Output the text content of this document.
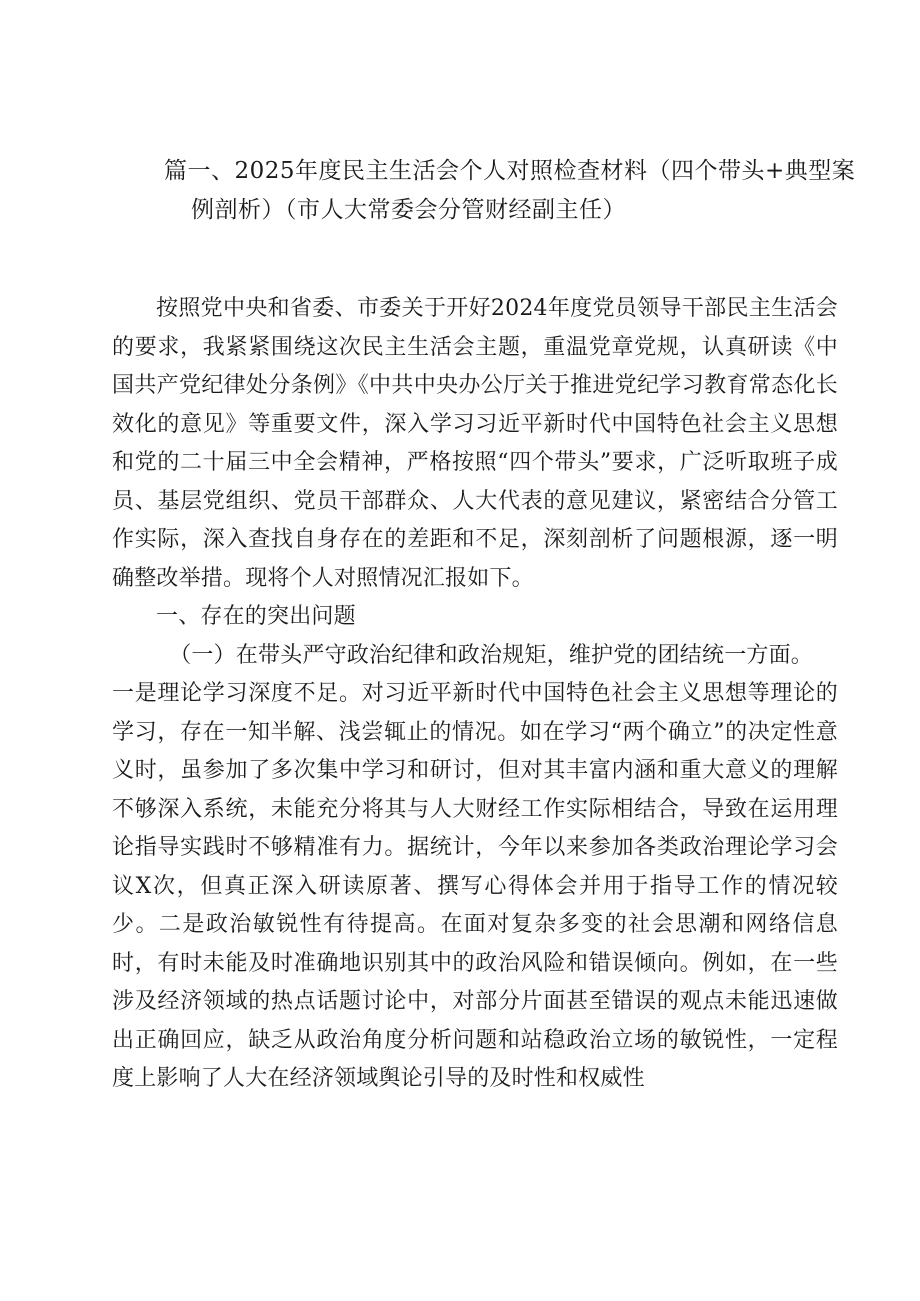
篇一、2025年度民主生活会个人对照检查材料（四个带头+典型案
例剖析）（市人大常委会分管财经副主任）

按照党中央和省委、市委关于开好2024年度党员领导干部民主生活会的要求，我紧紧围绕这次民主生活会主题，重温党章党规，认真研读《中国共产党纪律处分条例》《中共中央办公厅关于推进党纪学习教育常态化长效化的意见》等重要文件，深入学习习近平新时代中国特色社会主义思想和党的二十届三中全会精神，严格按照“四个带头”要求，广泛听取班子成员、基层党组织、党员干部群众、人大代表的意见建议，紧密结合分管工作实际，深入查找自身存在的差距和不足，深刻剖析了问题根源，逐一明确整改举措。现将个人对照情况汇报如下。

一、存在的突出问题

（一）在带头严守政治纪律和政治规矩，维护党的团结统一方面。

一是理论学习深度不足。对习近平新时代中国特色社会主义思想等理论的学习，存在一知半解、浅尝辄止的情况。如在学习“两个确立”的决定性意义时，虽参加了多次集中学习和研讨，但对其丰富内涵和重大意义的理解不够深入系统，未能充分将其与人大财经工作实际相结合，导致在运用理论指导实践时不够精准有力。据统计，今年以来参加各类政治理论学习会议X次，但真正深入研读原著、撰写心得体会并用于指导工作的情况较少。二是政治敏锐性有待提高。在面对复杂多变的社会思潮和网络信息时，有时未能及时准确地识别其中的政治风险和错误倾向。例如，在一些涉及经济领域的热点话题讨论中，对部分片面甚至错误的观点未能迅速做出正确回应，缺乏从政治角度分析问题和站稳政治立场的敏锐性，一定程度上影响了人大在经济领域舆论引导的及时性和权威性
